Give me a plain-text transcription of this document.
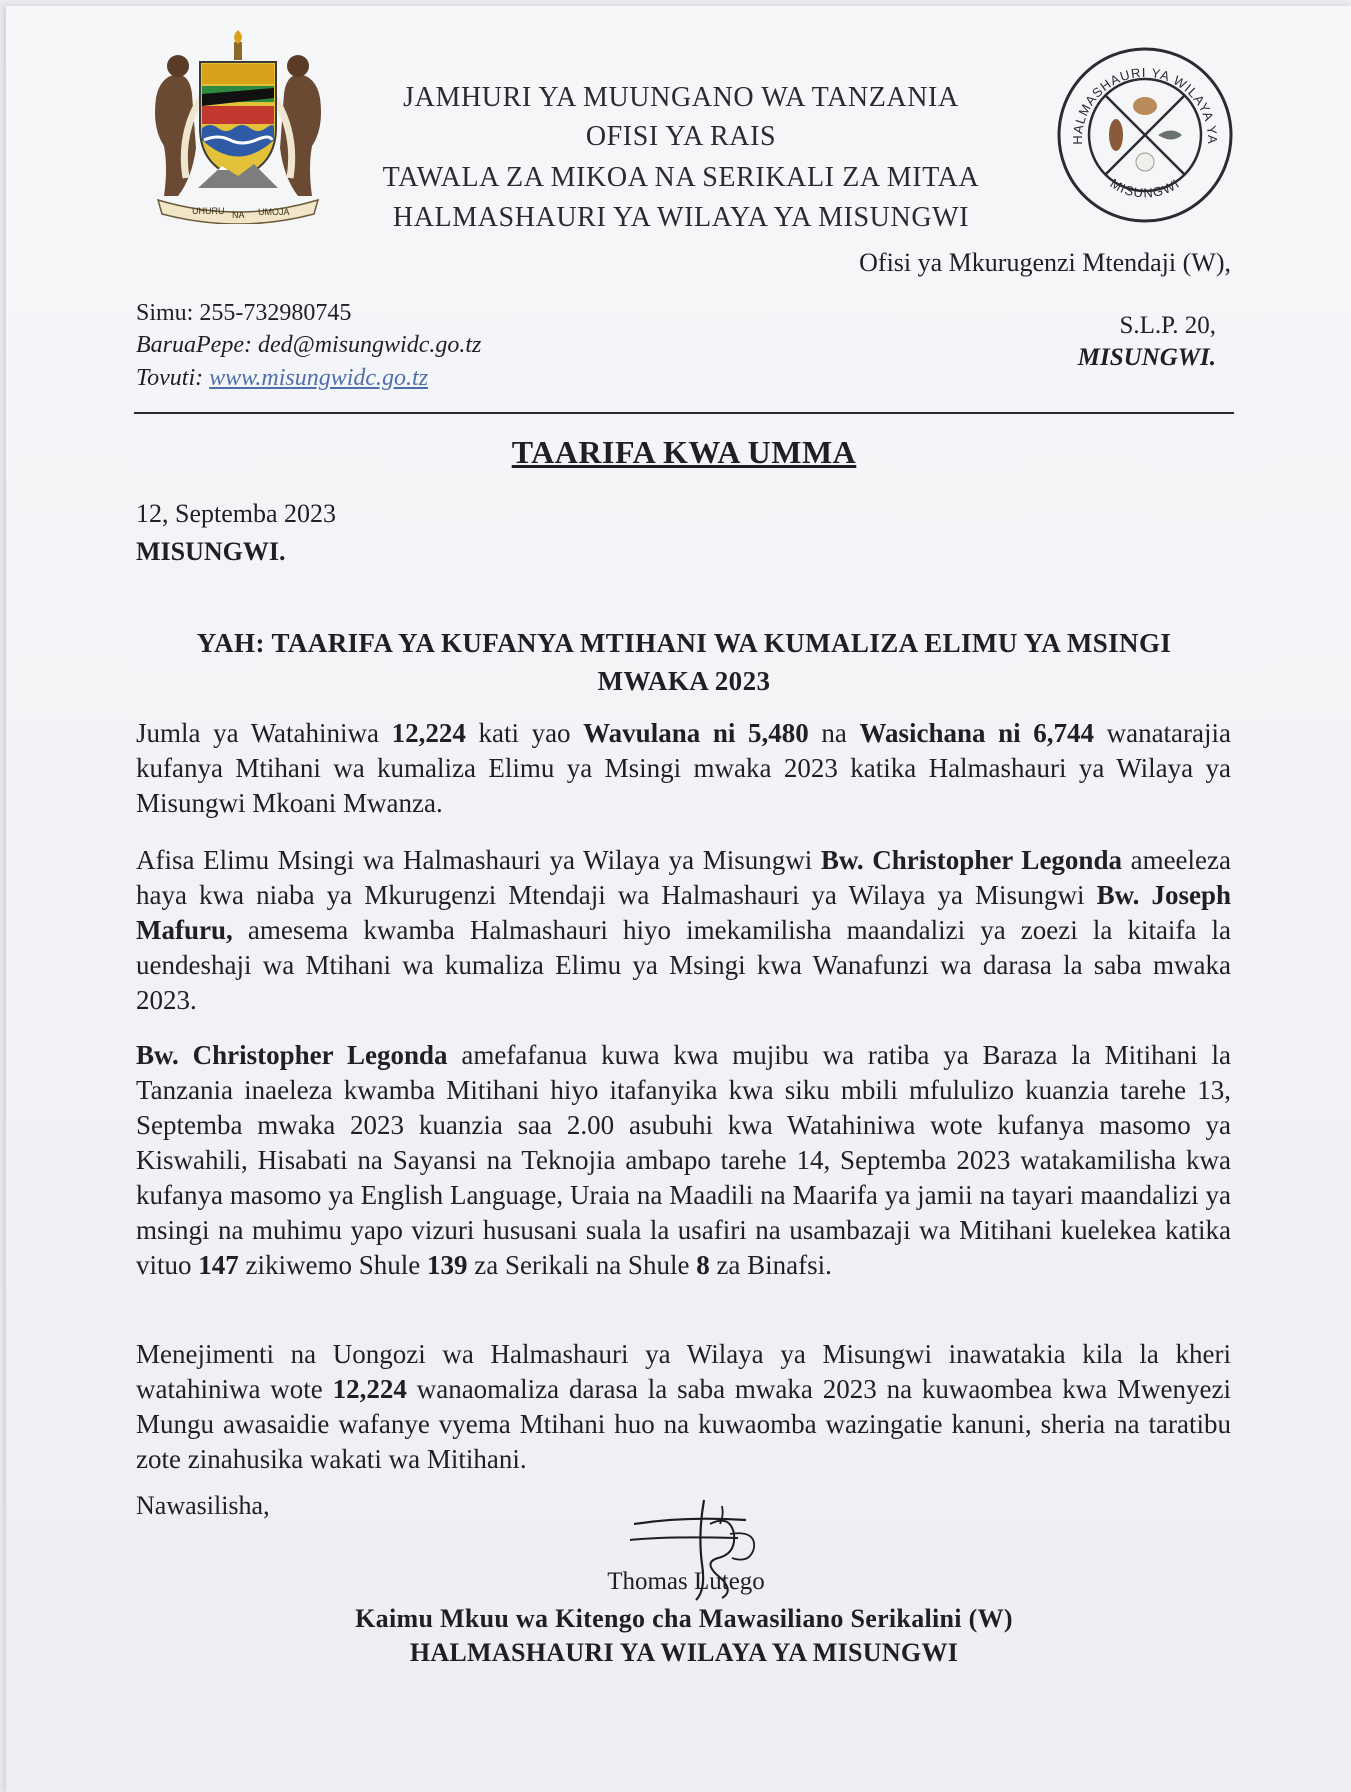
UHURU NA UMOJA
JAMHURI YA MUUNGANO WA TANZANIA
OFISI YA RAIS
TAWALA ZA MIKOA NA SERIKALI ZA MITAA
HALMASHAURI YA WILAYA YA MISUNGWI
HALMASHAURI YA WILAYA YA
MISUNGWI
Ofisi ya Mkurugenzi Mtendaji (W),
Simu: 255-732980745
BaruaPepe: ded@misungwidc.go.tz
Tovuti: www.misungwidc.go.tz
S.L.P. 20,
MISUNGWI.
TAARIFA KWA UMMA
12, Septemba 2023
MISUNGWI.
YAH: TAARIFA YA KUFANYA MTIHANI WA KUMALIZA ELIMU YA MSINGI
MWAKA 2023
Jumla ya Watahiniwa 12,224 kati yao Wavulana ni 5,480 na Wasichana ni 6,744 wanatarajia kufanya Mtihani wa kumaliza Elimu ya Msingi mwaka 2023 katika Halmashauri ya Wilaya ya Misungwi Mkoani Mwanza.
Afisa Elimu Msingi wa Halmashauri ya Wilaya ya Misungwi Bw. Christopher Legonda ameeleza haya kwa niaba ya Mkurugenzi Mtendaji wa Halmashauri ya Wilaya ya Misungwi Bw. Joseph Mafuru, amesema kwamba Halmashauri hiyo imekamilisha maandalizi ya zoezi la kitaifa la uendeshaji wa Mtihani wa kumaliza Elimu ya Msingi kwa Wanafunzi wa darasa la saba mwaka 2023.
Bw. Christopher Legonda amefafanua kuwa kwa mujibu wa ratiba ya Baraza la Mitihani la Tanzania inaeleza kwamba Mitihani hiyo itafanyika kwa siku mbili mfululizo kuanzia tarehe 13, Septemba mwaka 2023 kuanzia saa 2.00 asubuhi kwa Watahiniwa wote kufanya masomo ya Kiswahili, Hisabati na Sayansi na Teknojia ambapo tarehe 14, Septemba 2023 watakamilisha kwa kufanya masomo ya English Language, Uraia na Maadili na Maarifa ya jamii na tayari maandalizi ya msingi na muhimu yapo vizuri hususani suala la usafiri na usambazaji wa Mitihani kuelekea katika vituo 147 zikiwemo Shule 139 za Serikali na Shule 8 za Binafsi.
Menejimenti na Uongozi wa Halmashauri ya Wilaya ya Misungwi inawatakia kila la kheri watahiniwa wote 12,224 wanaomaliza darasa la saba mwaka 2023 na kuwaombea kwa Mwenyezi Mungu awasaidie wafanye vyema Mtihani huo na kuwaomba wazingatie kanuni, sheria na taratibu zote zinahusika wakati wa Mitihani.
Nawasilisha,
Thomas Lutego
Kaimu Mkuu wa Kitengo cha Mawasiliano Serikalini (W)
HALMASHAURI YA WILAYA YA MISUNGWI
